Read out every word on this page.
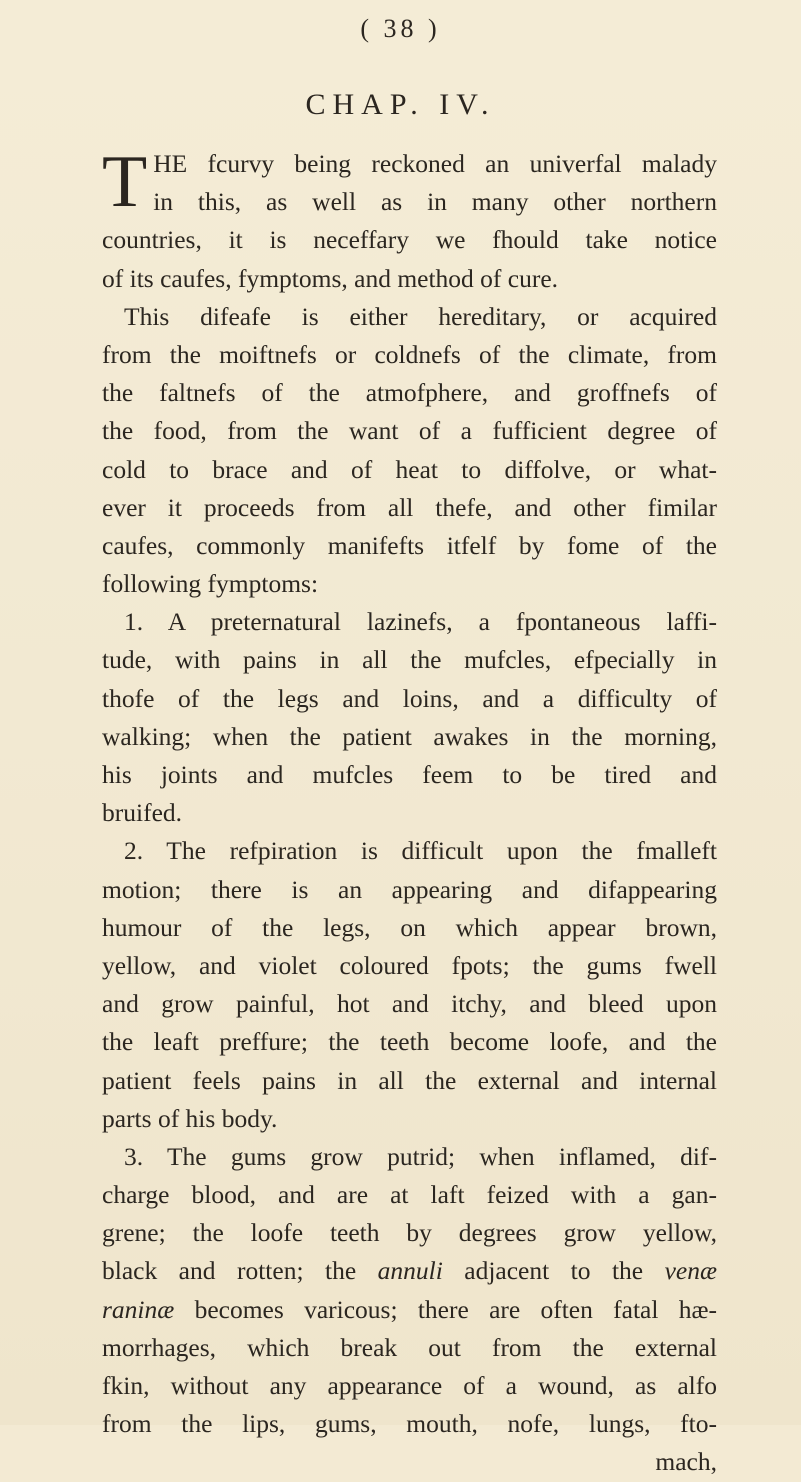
( 38 )
CHAP. IV.
T HE fcurvy being reckoned an univerfal malady
in this, as well as in many other northern
countries, it is neceffary we fhould take notice
of its caufes, fymptoms, and method of cure.
This difeafe is either hereditary, or acquired
from the moiftnefs or coldnefs of the climate, from
the faltnefs of the atmofphere, and groffnefs of
the food, from the want of a fufficient degree of
cold to brace and of heat to diffolve, or what-
ever it proceeds from all thefe, and other fimilar
caufes, commonly manifefts itfelf by fome of the
following fymptoms:
1. A preternatural lazinefs, a fpontaneous laffi-
tude, with pains in all the mufcles, efpecially in
thofe of the legs and loins, and a difficulty of
walking; when the patient awakes in the morning,
his joints and mufcles feem to be tired and
bruifed.
2. The refpiration is difficult upon the fmalleft
motion; there is an appearing and difappearing
humour of the legs, on which appear brown,
yellow, and violet coloured fpots; the gums fwell
and grow painful, hot and itchy, and bleed upon
the leaft preffure; the teeth become loofe, and the
patient feels pains in all the external and internal
parts of his body.
3. The gums grow putrid; when inflamed, dif-
charge blood, and are at laft feized with a gan-
grene; the loofe teeth by degrees grow yellow,
black and rotten; the annuli adjacent to the venæ
raninæ becomes varicous; there are often fatal hæ-
morrhages, which break out from the external
fkin, without any appearance of a wound, as alfo
from the lips, gums, mouth, nofe, lungs, fto-
mach,
